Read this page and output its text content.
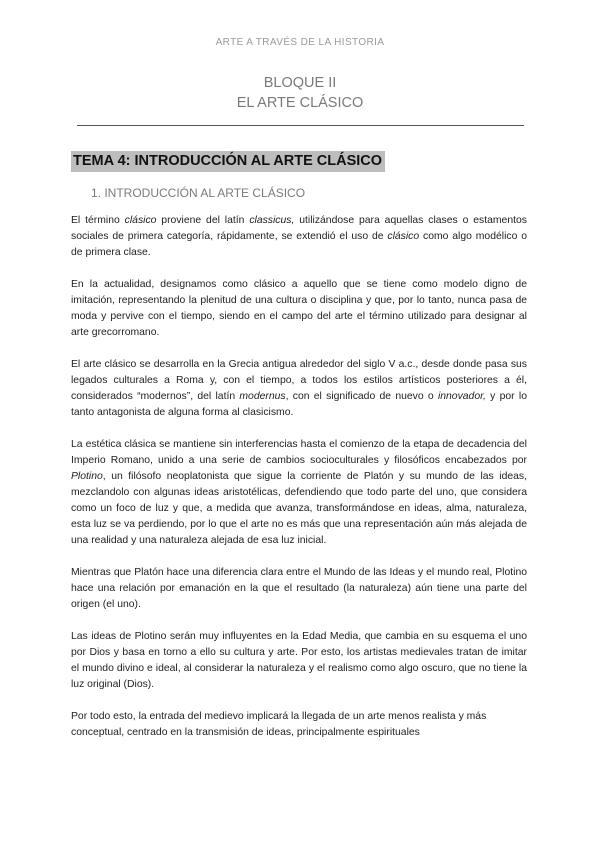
ARTE A TRAVÉS DE LA HISTORIA
BLOQUE II
EL ARTE CLÁSICO
TEMA 4: INTRODUCCIÓN AL ARTE CLÁSICO
1. INTRODUCCIÓN AL ARTE CLÁSICO

El término clásico proviene del latín classicus, utilizándose para aquellas clases o estamentos sociales de primera categoría, rápidamente, se extendió el uso de clásico como algo modélico o de primera clase.

En la actualidad, designamos como clásico a aquello que se tiene como modelo digno de imitación, representando la plenitud de una cultura o disciplina y que, por lo tanto, nunca pasa de moda y pervive con el tiempo, siendo en el campo del arte el término utilizado para designar al arte grecorromano.

El arte clásico se desarrolla en la Grecia antigua alrededor del siglo V a.c., desde donde pasa sus legados culturales a Roma y, con el tiempo, a todos los estilos artísticos posteriores a él, considerados “modernos”, del latín modernus, con el significado de nuevo o innovador, y por lo tanto antagonista de alguna forma al clasicismo.

La estética clásica se mantiene sin interferencias hasta el comienzo de la etapa de decadencia del Imperio Romano, unido a una serie de cambios socioculturales y filosóficos encabezados por Plotino, un filósofo neoplatonista que sigue la corriente de Platón y su mundo de las ideas, mezclandolo con algunas ideas aristotélicas, defendiendo que todo parte del uno, que considera como un foco de luz y que, a medida que avanza, transformándose en ideas, alma, naturaleza, esta luz se va perdiendo, por lo que el arte no es más que una representación aún más alejada de una realidad y una naturaleza alejada de esa luz inicial.

Mientras que Platón hace una diferencia clara entre el Mundo de las Ideas y el mundo real, Plotino hace una relación por emanación en la que el resultado (la naturaleza) aún tiene una parte del origen (el uno).

Las ideas de Plotino serán muy influyentes en la Edad Media, que cambia en su esquema el uno por Dios y basa en torno a ello su cultura y arte. Por esto, los artistas medievales tratan de imitar el mundo divino e ideal, al considerar la naturaleza y el realismo como algo oscuro, que no tiene la luz original (Dios).

Por todo esto, la entrada del medievo implicará la llegada de un arte menos realista y más conceptual, centrado en la transmisión de ideas, principalmente espirituales
